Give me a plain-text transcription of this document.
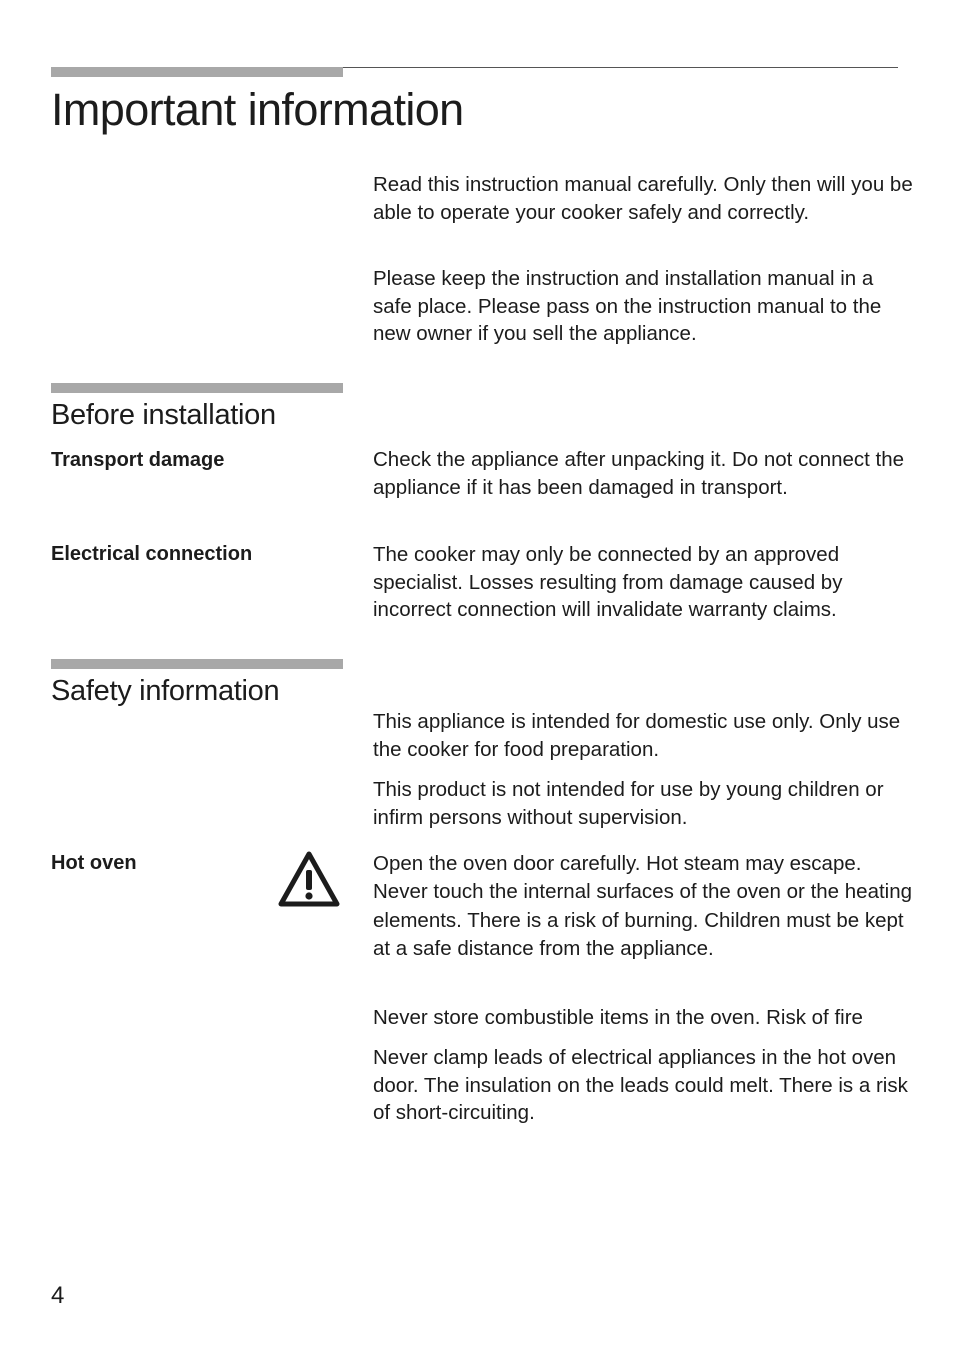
Important information

Read this instruction manual carefully. Only then will you be able to operate your cooker safely and correctly.

Please keep the instruction and installation manual in a safe place. Please pass on the instruction manual to the new owner if you sell the appliance.

Before installation

Transport damage	Check the appliance after unpacking it. Do not connect the appliance if it has been damaged in transport.

Electrical connection	The cooker may only be connected by an approved specialist. Losses resulting from damage caused by incorrect connection will invalidate warranty claims.

Safety information

This appliance is intended for domestic use only. Only use the cooker for food preparation.

This product is not intended for use by young children or infirm persons without supervision.

Hot oven	Open the oven door carefully. Hot steam may escape. Never touch the internal surfaces of the oven or the heating elements. There is a risk of burning. Children must be kept at a safe distance from the appliance.

Never store combustible items in the oven. Risk of fire

Never clamp leads of electrical appliances in the hot oven door. The insulation on the leads could melt. There is a risk of short-circuiting.

4
